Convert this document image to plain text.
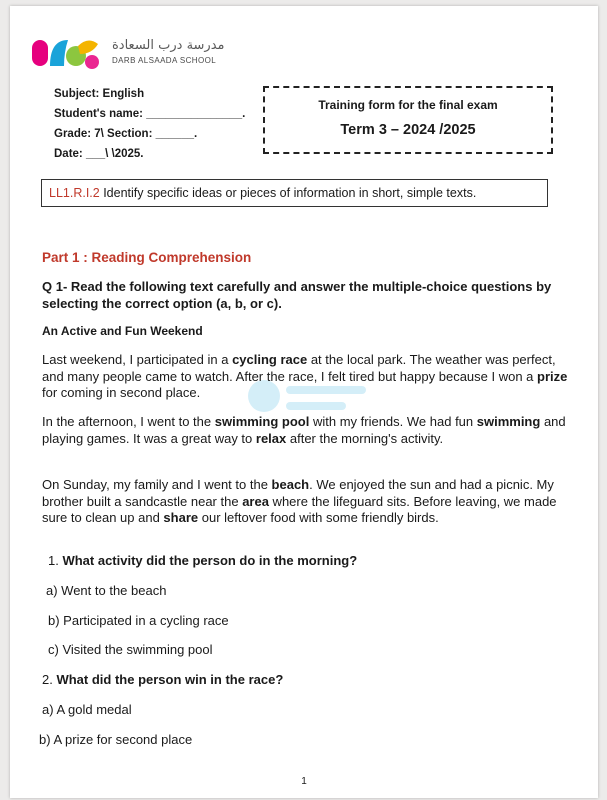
مدرسة درب السعادة
DARB ALSAADA SCHOOL
Subject: English
Student's name: _______________.
Grade: 7\ Section: ______.
Date: ___\ \2025.
Training form for the final exam
Term 3 – 2024 /2025
LL1.R.I.2 Identify specific ideas or pieces of information in short, simple texts.
Part 1 : Reading Comprehension
Q 1- Read the following text carefully and answer the multiple-choice questions by selecting the correct option (a, b, or c).
An Active and Fun Weekend
Last weekend, I participated in a cycling race at the local park. The weather was perfect, and many people came to watch. After the race, I felt tired but happy because I won a prize for coming in second place.
In the afternoon, I went to the swimming pool with my friends. We had fun swimming and playing games. It was a great way to relax after the morning's activity.
On Sunday, my family and I went to the beach. We enjoyed the sun and had a picnic. My brother built a sandcastle near the area where the lifeguard sits. Before leaving, we made sure to clean up and share our leftover food with some friendly birds.
1. What activity did the person do in the morning?
a) Went to the beach
b) Participated in a cycling race
c) Visited the swimming pool
2. What did the person win in the race?
a) A gold medal
b) A prize for second place
1
